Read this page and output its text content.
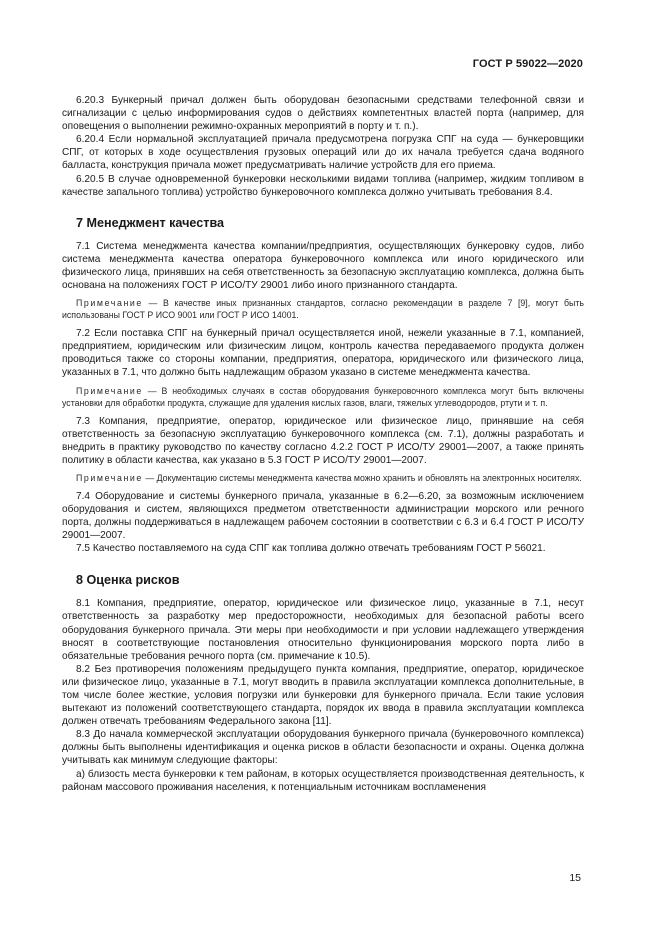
ГОСТ Р 59022—2020

6.20.3 Бункерный причал должен быть оборудован безопасными средствами телефонной связи и сигнализации с целью информирования судов о действиях компетентных властей порта (например, для оповещения о выполнении режимно-охранных мероприятий в порту и т. п.).

6.20.4 Если нормальной эксплуатацией причала предусмотрена погрузка СПГ на суда — бункеровщики СПГ, от которых в ходе осуществления грузовых операций или до их начала требуется сдача водяного балласта, конструкция причала может предусматривать наличие устройств для его приема.

6.20.5 В случае одновременной бункеровки несколькими видами топлива (например, жидким топливом в качестве запального топлива) устройство бункеровочного комплекса должно учитывать требования 8.4.

7 Менеджмент качества

7.1 Система менеджмента качества компании/предприятия, осуществляющих бункеровку судов, либо система менеджмента качества оператора бункеровочного комплекса или иного юридического или физического лица, принявших на себя ответственность за безопасную эксплуатацию комплекса, должна быть основана на положениях ГОСТ Р ИСО/ТУ 29001 либо иного признанного стандарта.

Примечание — В качестве иных признанных стандартов, согласно рекомендации в разделе 7 [9], могут быть использованы ГОСТ Р ИСО 9001 или ГОСТ Р ИСО 14001.

7.2 Если поставка СПГ на бункерный причал осуществляется иной, нежели указанные в 7.1, компанией, предприятием, юридическим или физическим лицом, контроль качества передаваемого продукта должен проводиться также со стороны компании, предприятия, оператора, юридического или физического лица, указанных в 7.1, что должно быть надлежащим образом указано в системе менеджмента качества.

Примечание — В необходимых случаях в состав оборудования бункеровочного комплекса могут быть включены установки для обработки продукта, служащие для удаления кислых газов, влаги, тяжелых углеводородов, ртути и т. п.

7.3 Компания, предприятие, оператор, юридическое или физическое лицо, принявшие на себя ответственность за безопасную эксплуатацию бункеровочного комплекса (см. 7.1), должны разработать и внедрить в практику руководство по качеству согласно 4.2.2 ГОСТ Р ИСО/ТУ 29001—2007, а также принять политику в области качества, как указано в 5.3 ГОСТ Р ИСО/ТУ 29001—2007.

Примечание — Документацию системы менеджмента качества можно хранить и обновлять на электронных носителях.

7.4 Оборудование и системы бункерного причала, указанные в 6.2—6.20, за возможным исключением оборудования и систем, являющихся предметом ответственности администрации морского или речного порта, должны поддерживаться в надлежащем рабочем состоянии в соответствии с 6.3 и 6.4 ГОСТ Р ИСО/ТУ 29001—2007.

7.5 Качество поставляемого на суда СПГ как топлива должно отвечать требованиям ГОСТ Р 56021.

8 Оценка рисков

8.1 Компания, предприятие, оператор, юридическое или физическое лицо, указанные в 7.1, несут ответственность за разработку мер предосторожности, необходимых для безопасной работы всего оборудования бункерного причала. Эти меры при необходимости и при условии надлежащего утверждения вносят в соответствующие постановления относительно функционирования морского порта либо в обязательные требования речного порта (см. примечание к 10.5).

8.2 Без противоречия положениям предыдущего пункта компания, предприятие, оператор, юридическое или физическое лицо, указанные в 7.1, могут вводить в правила эксплуатации комплекса дополнительные, в том числе более жесткие, условия погрузки или бункеровки для бункерного причала. Если такие условия вытекают из положений соответствующего стандарта, порядок их ввода в правила эксплуатации комплекса должен отвечать требованиям Федерального закона [11].

8.3 До начала коммерческой эксплуатации оборудования бункерного причала (бункеровочного комплекса) должны быть выполнены идентификация и оценка рисков в области безопасности и охраны. Оценка должна учитывать как минимум следующие факторы:

а) близость места бункеровки к тем районам, в которых осуществляется производственная деятельность, к районам массового проживания населения, к потенциальным источникам воспламенения

15
